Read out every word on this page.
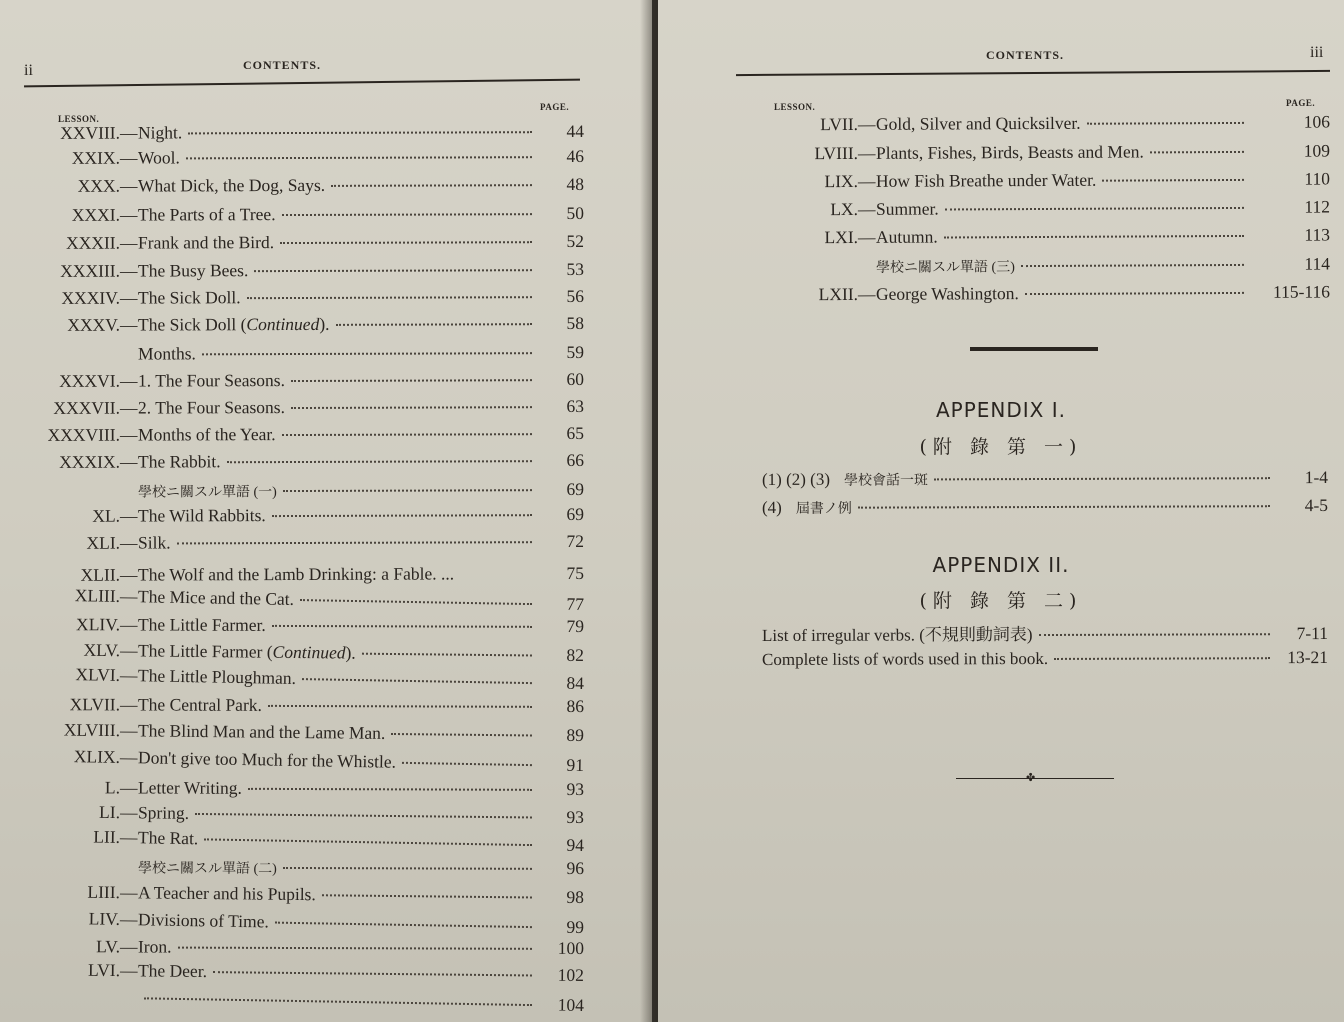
ii	CONTENTS.
LESSON.
PAGE.
XXVIII. — Night.	44
XXIX. — Wool.	46
XXX. — What Dick, the Dog, Says.	48
XXXI. — The Parts of a Tree.	50
XXXII. — Frank and the Bird.	52
XXXIII. — The Busy Bees.	53
XXXIV. — The Sick Doll.	56
XXXV. — The Sick Doll (Continued).	58
Months.	59
XXXVI. — 1. The Four Seasons.	60
XXXVII. — 2. The Four Seasons.	63
XXXVIII. — Months of the Year.	65
XXXIX. — The Rabbit.	66
學校ニ關スル單語 (一)	69
XL. — The Wild Rabbits.	69
XLI. — Silk.	72
XLII. — The Wolf and the Lamb Drinking: a Fable. ...	75
XLIII. — The Mice and the Cat.	77
XLIV. — The Little Farmer.	79
XLV. — The Little Farmer (Continued).	82
XLVI. — The Little Ploughman.	84
XLVII. — The Central Park.	86
XLVIII. — The Blind Man and the Lame Man.	89
XLIX. — Don't give too Much for the Whistle.	91
L. — Letter Writing.	93
LI. — Spring.	93
LII. — The Rat.	94
學校ニ關スル單語 (二)	96
LIII. — A Teacher and his Pupils.	98
LIV. — Divisions of Time.	99
LV. — Iron.	100
LVI. — The Deer.	102
104
CONTENTS.	iii
LESSON.	PAGE.
LVII. — Gold, Silver and Quicksilver.	106
LVIII. — Plants, Fishes, Birds, Beasts and Men.	109
LIX. — How Fish Breathe under Water.	110
LX. — Summer.	112
LXI. — Autumn.	113
學校ニ關スル單語 (三)	114
LXII. — George Washington.	115-116
APPENDIX I.
(附 錄 第 一)
(1) (2) (3) 學校會話一斑	1-4
(4) 屆書ノ例	4-5
APPENDIX II.
(附 錄 第 二)
List of irregular verbs. (不規則動詞表)	7-11
Complete lists of words used in this book.	13-21
✤
